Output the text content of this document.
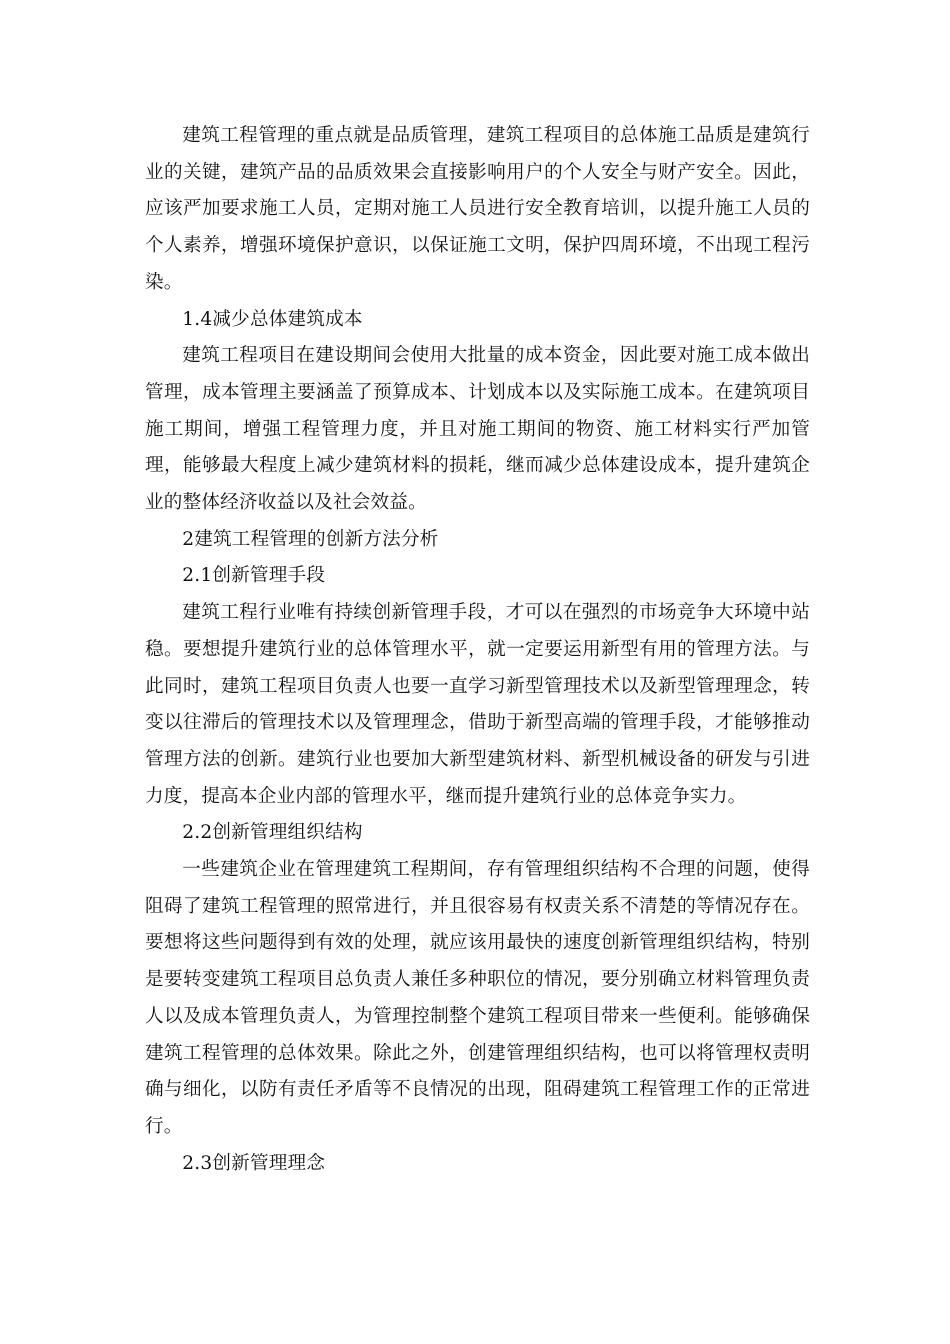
建筑工程管理的重点就是品质管理，建筑工程项目的总体施工品质是建筑行业的关键，建筑产品的品质效果会直接影响用户的个人安全与财产安全。因此，应该严加要求施工人员，定期对施工人员进行安全教育培训，以提升施工人员的个人素养，增强环境保护意识，以保证施工文明，保护四周环境，不出现工程污染。

1.4减少总体建筑成本

建筑工程项目在建设期间会使用大批量的成本资金，因此要对施工成本做出管理，成本管理主要涵盖了预算成本、计划成本以及实际施工成本。在建筑项目施工期间，增强工程管理力度，并且对施工期间的物资、施工材料实行严加管理，能够最大程度上减少建筑材料的损耗，继而减少总体建设成本，提升建筑企业的整体经济收益以及社会效益。

2建筑工程管理的创新方法分析

2.1创新管理手段

建筑工程行业唯有持续创新管理手段，才可以在强烈的市场竞争大环境中站稳。要想提升建筑行业的总体管理水平，就一定要运用新型有用的管理方法。与此同时，建筑工程项目负责人也要一直学习新型管理技术以及新型管理理念，转变以往滞后的管理技术以及管理理念，借助于新型高端的管理手段，才能够推动管理方法的创新。建筑行业也要加大新型建筑材料、新型机械设备的研发与引进力度，提高本企业内部的管理水平，继而提升建筑行业的总体竞争实力。

2.2创新管理组织结构

一些建筑企业在管理建筑工程期间，存有管理组织结构不合理的问题，使得阻碍了建筑工程管理的照常进行，并且很容易有权责关系不清楚的等情况存在。要想将这些问题得到有效的处理，就应该用最快的速度创新管理组织结构，特别是要转变建筑工程项目总负责人兼任多种职位的情况，要分别确立材料管理负责人以及成本管理负责人，为管理控制整个建筑工程项目带来一些便利。能够确保建筑工程管理的总体效果。除此之外，创建管理组织结构，也可以将管理权责明确与细化，以防有责任矛盾等不良情况的出现，阻碍建筑工程管理工作的正常进行。

2.3创新管理理念
